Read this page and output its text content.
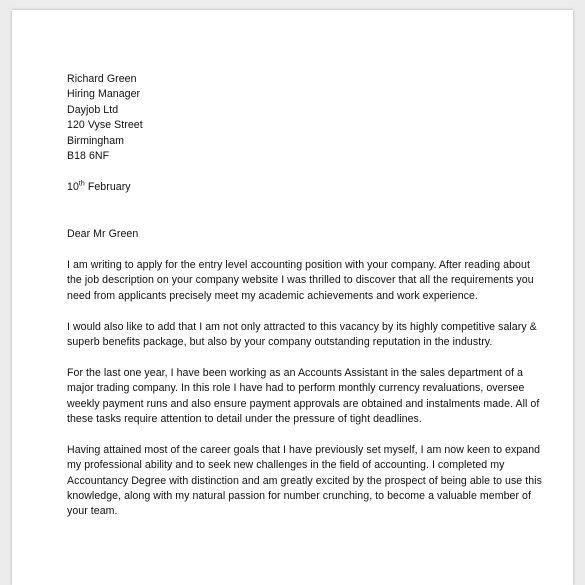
Richard Green
Hiring Manager
Dayjob Ltd
120 Vyse Street
Birmingham
B18 6NF
10th February
Dear Mr Green
I am writing to apply for the entry level accounting position with your company. After reading about
the job description on your company website I was thrilled to discover that all the requirements you
need from applicants precisely meet my academic achievements and work experience.
I would also like to add that I am not only attracted to this vacancy by its highly competitive salary &
superb benefits package, but also by your company outstanding reputation in the industry.
For the last one year, I have been working as an Accounts Assistant in the sales department of a
major trading company. In this role I have had to perform monthly currency revaluations, oversee
weekly payment runs and also ensure payment approvals are obtained and instalments made. All of
these tasks require attention to detail under the pressure of tight deadlines.
Having attained most of the career goals that I have previously set myself, I am now keen to expand
my professional ability and to seek new challenges in the field of accounting. I completed my
Accountancy Degree with distinction and am greatly excited by the prospect of being able to use this
knowledge, along with my natural passion for number crunching, to become a valuable member of
your team.
